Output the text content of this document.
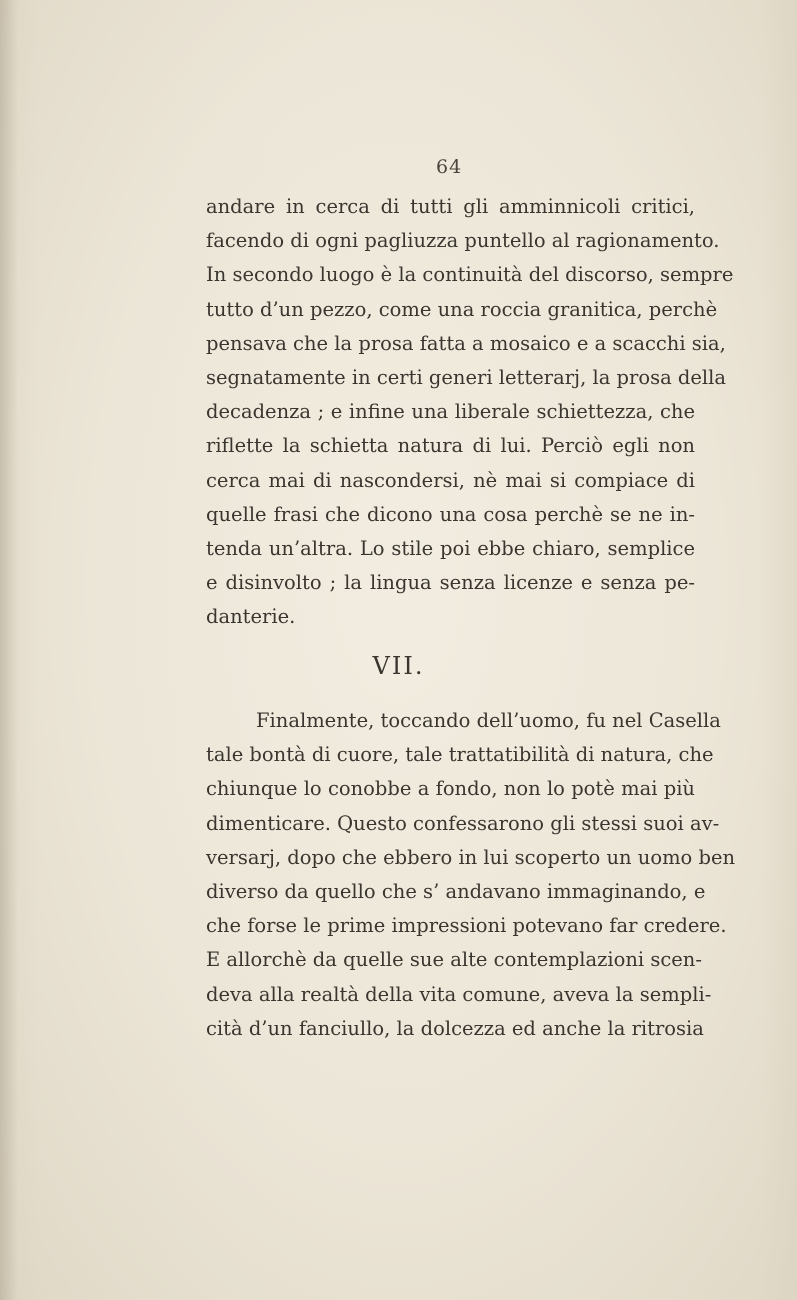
64
andare in cerca di tutti gli amminnicoli critici,
facendo di ogni pagliuzza puntello al ragionamento.
In secondo luogo è la continuità del discorso, sempre
tutto d’un pezzo, come una roccia granitica, perchè
pensava che la prosa fatta a mosaico e a scacchi sia,
segnatamente in certi generi letterarj, la prosa della
decadenza ; e infine una liberale schiettezza, che
riflette la schietta natura di lui. Perciò egli non
cerca mai di nascondersi, nè mai si compiace di
quelle frasi che dicono una cosa perchè se ne in-
tenda un’altra. Lo stile poi ebbe chiaro, semplice
e disinvolto ; la lingua senza licenze e senza pe-
danterie.
VII.
Finalmente, toccando dell’uomo, fu nel Casella
tale bontà di cuore, tale trattatibilità di natura, che
chiunque lo conobbe a fondo, non lo potè mai più
dimenticare. Questo confessarono gli stessi suoi av-
versarj, dopo che ebbero in lui scoperto un uomo ben
diverso da quello che s’ andavano immaginando, e
che forse le prime impressioni potevano far credere.
E allorchè da quelle sue alte contemplazioni scen-
deva alla realtà della vita comune, aveva la sempli-
cità d’un fanciullo, la dolcezza ed anche la ritrosia
